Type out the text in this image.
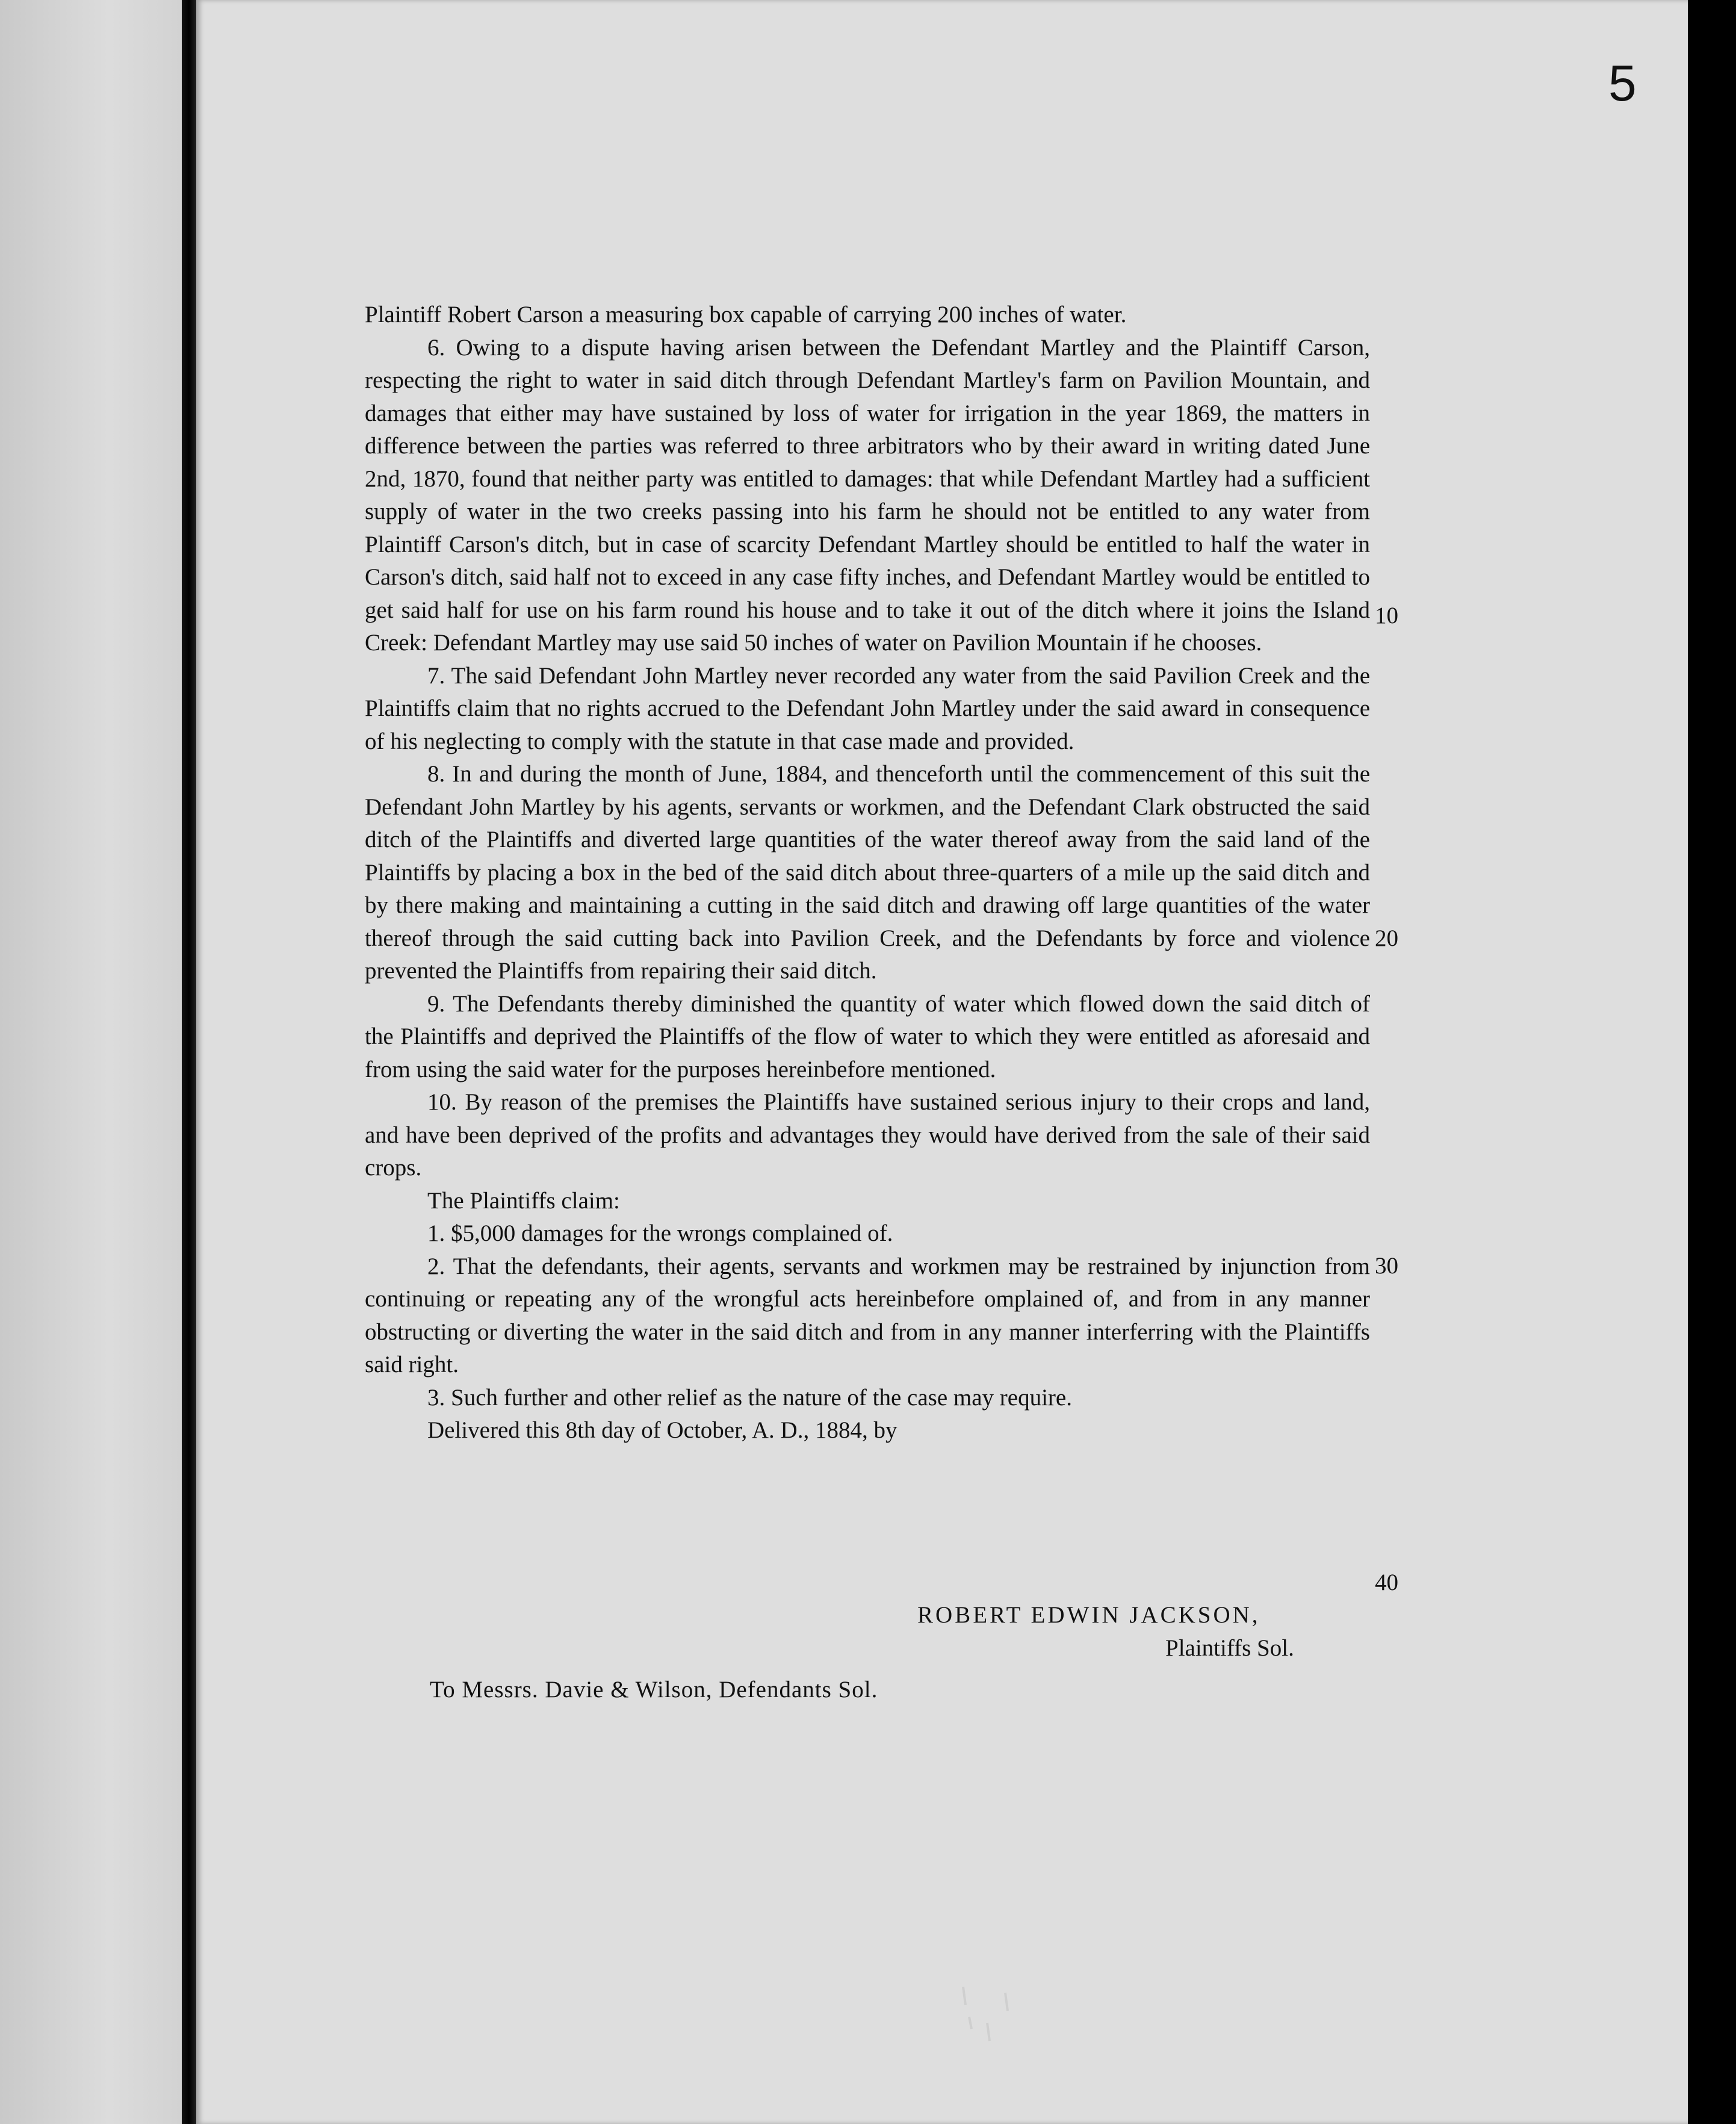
5

Plaintiff Robert Carson a measuring box capable of carrying 200 inches of water.

6. Owing to a dispute having arisen between the Defendant Martley and the Plaintiff Carson, respecting the right to water in said ditch through Defendant Martley's farm on Pavilion Mountain, and damages that either may have sustained by loss of water for irrigation in the year 1869, the matters in difference between the parties was referred to three arbitrators who by their award in writing dated June 2nd, 1870, found that neither party was entitled to damages: that while Defendant Martley had a sufficient supply of water in the two creeks passing into his farm he should not be entitled to any water from Plaintiff Carson's ditch, but in case of scarcity Defendant Martley should be entitled to half the water in Carson's ditch, said half not to exceed in any case fifty inches, and Defendant Martley would be entitled to get said half for use on his farm round his house and to take it out of the ditch where it joins the Island Creek: Defendant Martley may use said 50 inches of water on Pavilion Mountain if he chooses.

7. The said Defendant John Martley never recorded any water from the said Pavilion Creek and the Plaintiffs claim that no rights accrued to the Defendant John Martley under the said award in consequence of his neglecting to comply with the statute in that case made and provided.

8. In and during the month of June, 1884, and thenceforth until the commencement of this suit the Defendant John Martley by his agents, servants or workmen, and the Defendant Clark obstructed the said ditch of the Plaintiffs and diverted large quantities of the water thereof away from the said land of the Plaintiffs by placing a box in the bed of the said ditch about three-quarters of a mile up the said ditch and by there making and maintaining a cutting in the said ditch and drawing off large quantities of the water thereof through the said cutting back into Pavilion Creek, and the Defendants by force and violence prevented the Plaintiffs from repairing their said ditch.

9. The Defendants thereby diminished the quantity of water which flowed down the said ditch of the Plaintiffs and deprived the Plaintiffs of the flow of water to which they were entitled as aforesaid and from using the said water for the purposes hereinbefore mentioned.

10. By reason of the premises the Plaintiffs have sustained serious injury to their crops and land, and have been deprived of the profits and advantages they would have derived from the sale of their said crops.

The Plaintiffs claim:

1. $5,000 damages for the wrongs complained of.

2. That the defendants, their agents, servants and workmen may be restrained by injunction from continuing or repeating any of the wrongful acts hereinbefore omplained of, and from in any manner obstructing or diverting the water in the said ditch and from in any manner interferring with the Plaintiffs said right.

3. Such further and other relief as the nature of the case may require.

Delivered this 8th day of October, A. D., 1884, by

10
20
30
40
ROBERT EDWIN JACKSON,
Plaintiffs Sol.
To Messrs. Davie & Wilson, Defendants Sol.
